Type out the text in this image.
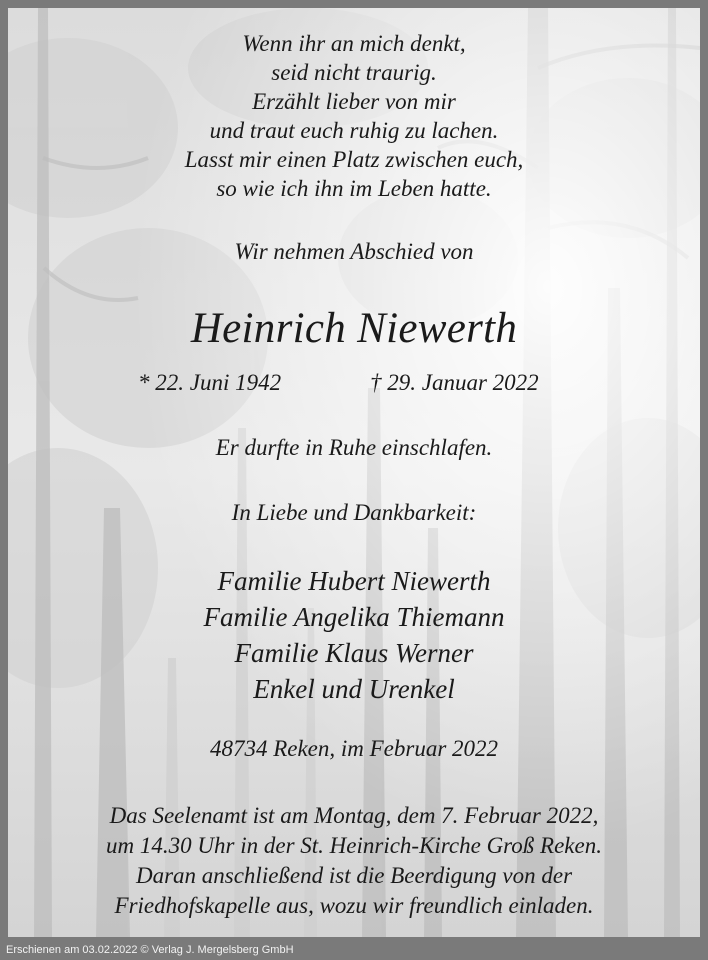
Wenn ihr an mich denkt,
seid nicht traurig.
Erzählt lieber von mir
und traut euch ruhig zu lachen.
Lasst mir einen Platz zwischen euch,
so wie ich ihn im Leben hatte.
Wir nehmen Abschied von
Heinrich Niewerth
* 22. Juni 1942	† 29. Januar 2022
Er durfte in Ruhe einschlafen.
In Liebe und Dankbarkeit:
Familie Hubert Niewerth
Familie Angelika Thiemann
Familie Klaus Werner
Enkel und Urenkel
48734 Reken, im Februar 2022
Das Seelenamt ist am Montag, dem 7. Februar 2022,
um 14.30 Uhr in der St. Heinrich-Kirche Groß Reken.
Daran anschließend ist die Beerdigung von der
Friedhofskapelle aus, wozu wir freundlich einladen.
Erschienen am 03.02.2022 © Verlag J. Mergelsberg GmbH
